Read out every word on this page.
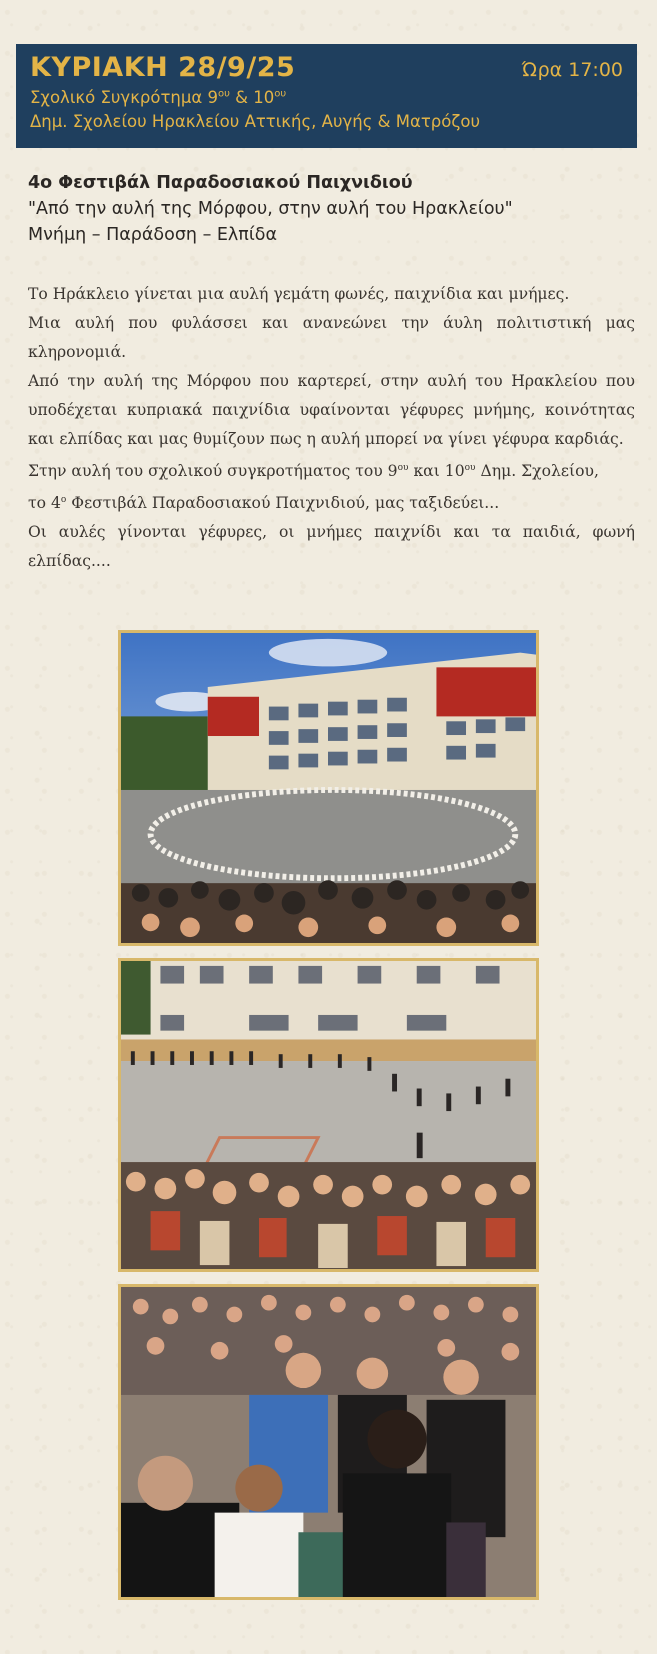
ΚΥΡΙΑΚΗ 28/9/25	Ώρα 17:00
Σχολικό Συγκρότημα $9^{o\upsilon}$ & $10^{o\upsilon}$
Δημ. Σχολείου Ηρακλείου Αττικής, Αυγής & Ματρόζου
4ο Φεστιβάλ Παραδοσιακού Παιχνιδιού
"Από την αυλή της Μόρφου, στην αυλή του Ηρακλείου"
Μνήμη – Παράδοση – Ελπίδα

Το Ηράκλειο γίνεται μια αυλή γεμάτη φωνές, παιχνίδια και μνήμες.

Μια αυλή που φυλάσσει και ανανεώνει την άυλη πολιτιστική μας κληρονομιά.

Από την αυλή της Μόρφου που καρτερεί, στην αυλή του Ηρακλείου που υποδέχεται κυπριακά παιχνίδια υφαίνονται γέφυρες μνήμης, κοινότητας και ελπίδας και μας θυμίζουν πως η αυλή μπορεί να γίνει γέφυρα καρδιάς.

Στην αυλή του σχολικού συγκροτήματος του $9^{o\upsilon}$ και $10^{o\upsilon}$ Δημ. Σχολείου,

το $4^o$ Φεστιβάλ Παραδοσιακού Παιχνιδιού, μας ταξιδεύει...

Οι αυλές γίνονται γέφυρες, οι μνήμες παιχνίδι και τα παιδιά, φωνή ελπίδας....
